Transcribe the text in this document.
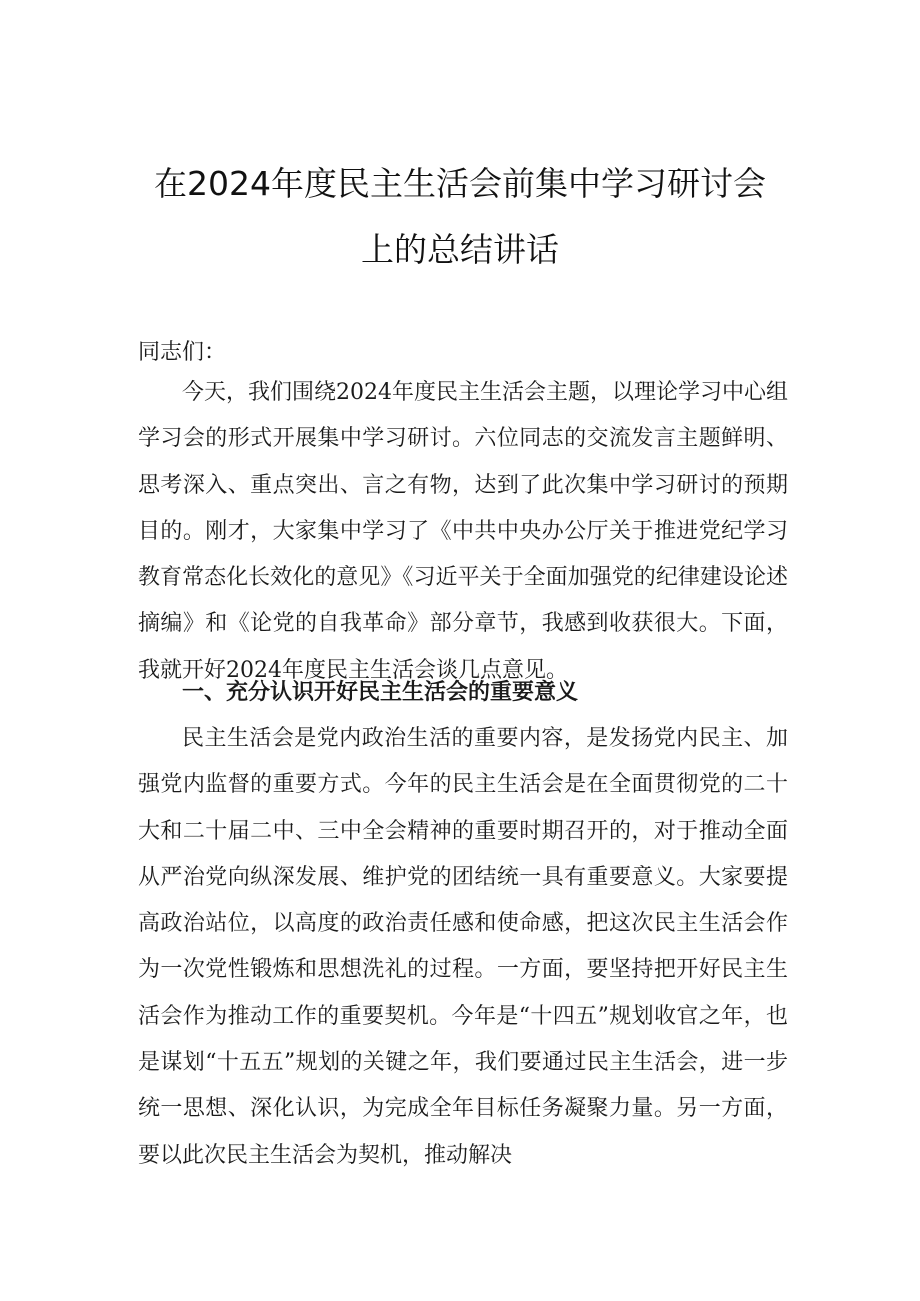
在2024年度民主生活会前集中学习研讨会
上的总结讲话

同志们：

今天，我们围绕2024年度民主生活会主题，以理论学习中心组学习会的形式开展集中学习研讨。六位同志的交流发言主题鲜明、思考深入、重点突出、言之有物，达到了此次集中学习研讨的预期目的。刚才，大家集中学习了《中共中央办公厅关于推进党纪学习教育常态化长效化的意见》《习近平关于全面加强党的纪律建设论述摘编》和《论党的自我革命》部分章节，我感到收获很大。下面，我就开好2024年度民主生活会谈几点意见。

一、充分认识开好民主生活会的重要意义

民主生活会是党内政治生活的重要内容，是发扬党内民主、加强党内监督的重要方式。今年的民主生活会是在全面贯彻党的二十大和二十届二中、三中全会精神的重要时期召开的，对于推动全面从严治党向纵深发展、维护党的团结统一具有重要意义。大家要提高政治站位，以高度的政治责任感和使命感，把这次民主生活会作为一次党性锻炼和思想洗礼的过程。一方面，要坚持把开好民主生活会作为推动工作的重要契机。今年是“十四五”规划收官之年，也是谋划“十五五”规划的关键之年，我们要通过民主生活会，进一步统一思想、深化认识，为完成全年目标任务凝聚力量。另一方面，要以此次民主生活会为契机，推动解决
